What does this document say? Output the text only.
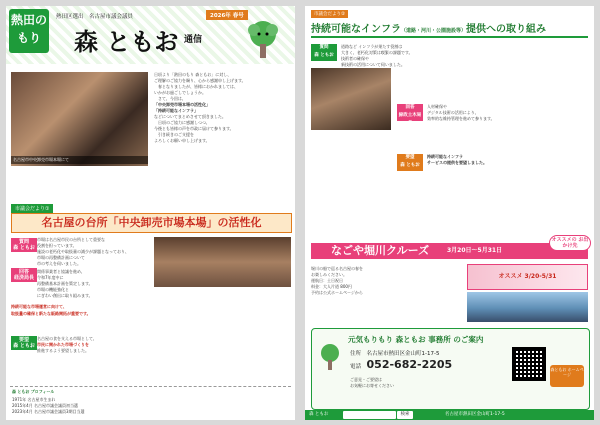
熱田の
もり
熱田区選出　名古屋市議会議員	2026年 春号
森 ともお 通信
名古屋市中央卸売市場本場にて
日頃より「熱田のもり 森ともお」に対し、
ご理解のご協力を賜り、心から感謝申し上げます。
　春となりましたが、皆様におかれましては、
いかがお過ごしでしょうか。
　さて、今回は、
「中央卸売市場本場の活性化」
「持続可能なインフラ」
などについてまとめさせて頂きました。
　日頃のご協力に感謝しつつ、
今後とも皆様の声を市政に届けて参ります。
　引き続きのご支援を
よろしくお願い申し上げます。
市議会だより①
名古屋の台所「中央卸売市場本場」の活性化
質問
森 ともお
市場は名古屋市民の台所として重要な
役割を担っています。
施設の老朽化や取扱量の減少が課題となっており、
市場の再整備計画について
市の考えを伺いました。
回答
経済局長
関係事業者と協議を進め、
令和7年度中に
再整備基本計画を策定します。
市場の機能強化と
にぎわい創出に取り組みます。
持続可能な市場運営に向けて、
取扱量の確保と新たな販路開拓が重要です。
要望
森 ともお
名古屋の食を支える市場として、
市民に開かれた市場づくりを
推進するよう要望しました。
森 ともお プロフィール
1971年 名古屋市生まれ
2015年4月 名古屋市議会議員初当選
2023年4月 名古屋市議会議員3期目当選
市議会だより②
持続可能なインフラ（道路・河川・公園施設等）提供への取り組み
質問
森 ともお
道路など インフラが果たす役割は
大きく、老朽化対策は喫緊の課題です。
技術者の確保や
新技術の活用について伺いました。
回答
緑政土木局長
人材確保や
デジタル技術の活用により、
効率的な維持管理を進めて参ります。
要望
森 ともお
持続可能なインフラ
サービスの提供を要望しました。
なごや堀川クルーズ	3月20日〜5月31日
オススメの お出かけ先
堀川の船で巡る名古屋の春を
お楽しみください。
運航日：土日祝日
料金：大人片道 800円
予約は公式ホームページから
オススメ 3/20-5/31
元気もりもり 森ともお 事務所 のご案内
住所　 名古屋市熱田区金山町1-17-5
電話　 052-682-2205
ご意見・ご要望は
お気軽にお寄せください
森ともお ホームページ
森 ともお	検索	名古屋市熱田区金山町1-17-5
